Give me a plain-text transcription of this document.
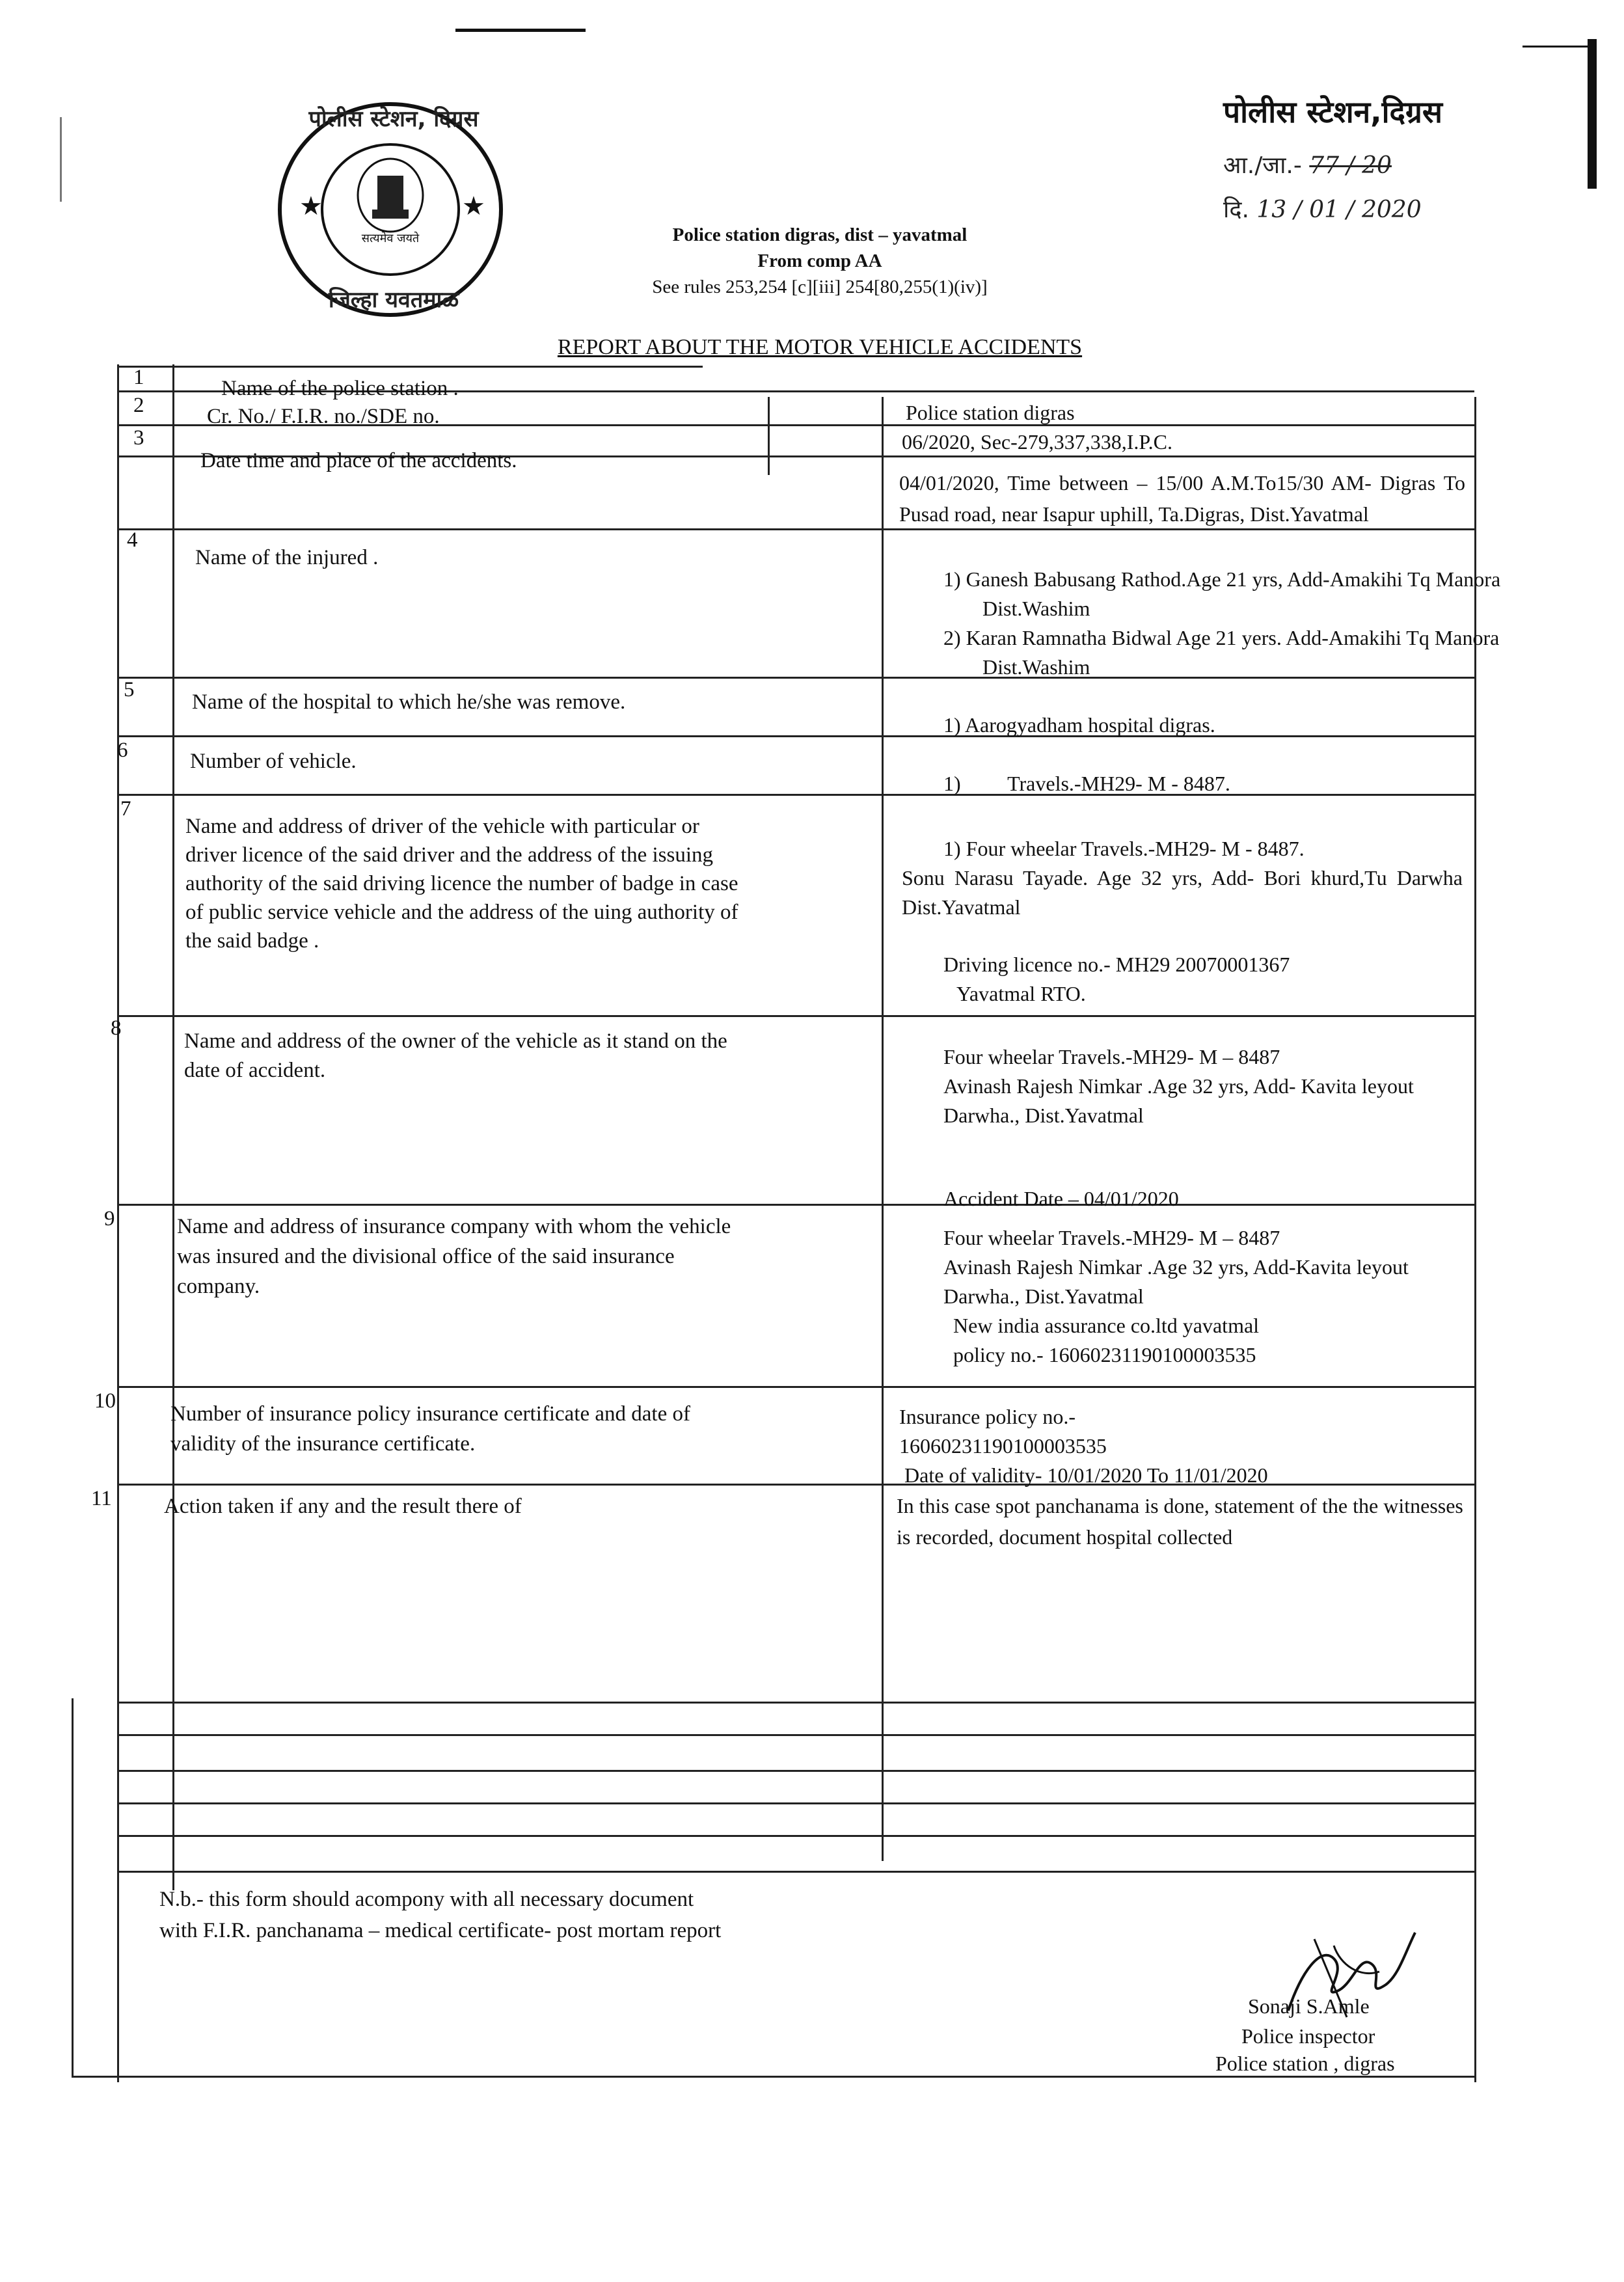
सत्यमेव जयते
★	★
पोलीस स्टेशन, दिग्रस
जिल्हा यवतमाळ
पोलीस स्टेशन,दिग्रस
आ./जा.- 77 / 20
दि. 13 / 01 / 2020
Police station digras, dist – yavatmal
From comp AA
See rules 253,254 [c][iii] 254[80,255(1)(iv)]
REPORT ABOUT THE MOTOR VEHICLE ACCIDENTS
1
2
3
4
5
6
7
8
9
10
11
Name of the police station .
Cr. No./ F.I.R. no./SDE no.
Date time and place of the accidents.
Name of the injured .
Name of the hospital to which he/she was remove.
Number of vehicle.
Name and address of driver of the vehicle with particular or driver licence of the said driver and the address of the issuing authority of the said driving licence the number of badge in case of public service vehicle and the address of the uing authority of the said badge .
Name and address of the owner of the vehicle as it stand on the date of accident.
Name and address of insurance company with whom the vehicle was insured and the divisional office of the said insurance company.
Number of insurance policy insurance certificate and date of validity of the insurance certificate.
Action taken if any and the result there of
Police station digras
06/2020, Sec-279,337,338,I.P.C.
04/01/2020, Time between – 15/00 A.M.To15/30 AM- Digras To Pusad road, near Isapur uphill, Ta.Digras, Dist.Yavatmal
1) Ganesh Babusang Rathod.Age 21 yrs, Add-Amakihi Tq Manora Dist.Washim
2) Karan Ramnatha Bidwal Age 21 yers. Add-Amakihi Tq Manora Dist.Washim
1) Aarogyadham hospital digras.
1)         Travels.-MH29- M - 8487.
1) Four wheelar Travels.-MH29- M - 8487.
Sonu Narasu Tayade. Age 32 yrs, Add- Bori khurd,Tu Darwha Dist.Yavatmal
Driving licence no.- MH29 20070001367
Yavatmal RTO.
Four wheelar Travels.-MH29- M – 8487
Avinash Rajesh Nimkar .Age 32 yrs, Add- Kavita leyout Darwha., Dist.Yavatmal
Accident Date – 04/01/2020
Four wheelar Travels.-MH29- M – 8487
Avinash Rajesh Nimkar .Age 32 yrs, Add-Kavita leyout Darwha., Dist.Yavatmal
New india assurance co.ltd yavatmal
policy no.- 16060231190100003535
Insurance policy no.-
16060231190100003535
Date of validity- 10/01/2020 To 11/01/2020
In this case spot panchanama is done, statement of the the witnesses is recorded, document hospital collected
N.b.- this form should acompony with all necessary document with F.I.R. panchanama – medical certificate- post mortam report
Sonaji S.Amle
Police inspector
Police station , digras
